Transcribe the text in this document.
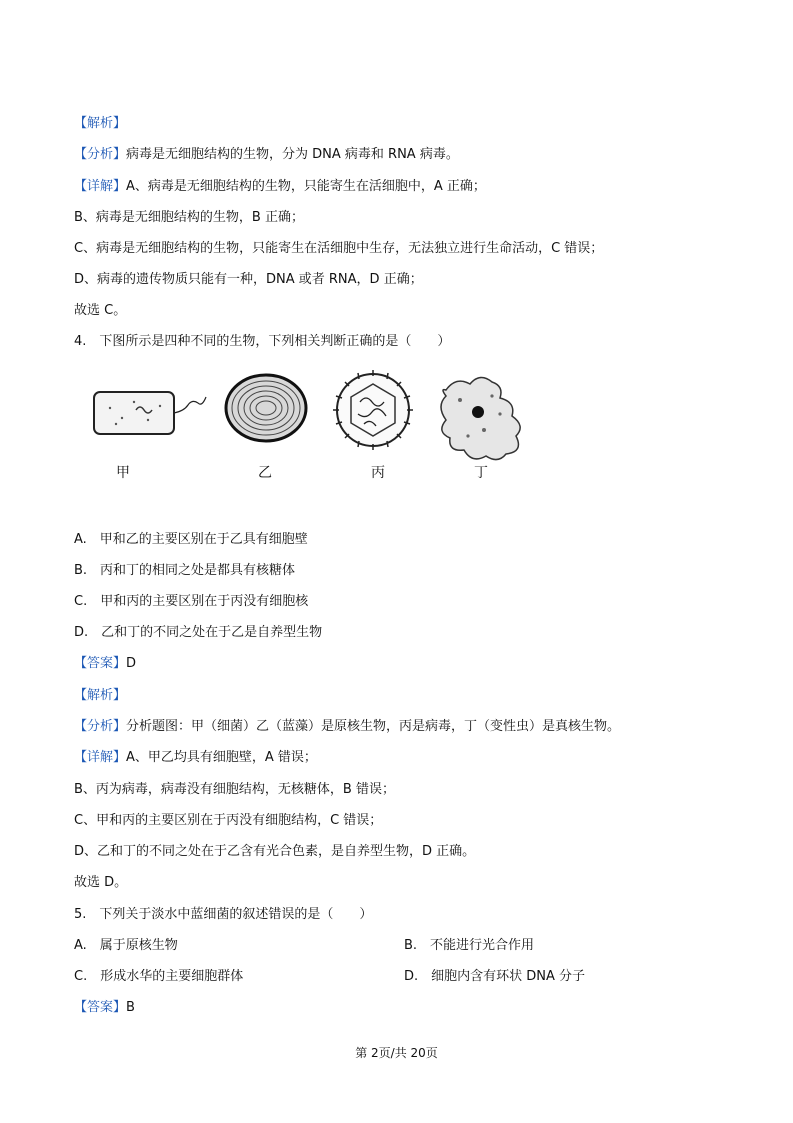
【解析】
【分析】病毒是无细胞结构的生物，分为 DNA 病毒和 RNA 病毒。
【详解】A、病毒是无细胞结构的生物，只能寄生在活细胞中，A 正确；
B、病毒是无细胞结构的生物，B 正确；
C、病毒是无细胞结构的生物，只能寄生在活细胞中生存，无法独立进行生命活动，C 错误；
D、病毒的遗传物质只能有一种，DNA 或者 RNA，D 正确；
故选 C。
4.　下图所示是四种不同的生物，下列相关判断正确的是（　　）
甲	乙	丙	丁
A.　甲和乙的主要区别在于乙具有细胞壁
B.　丙和丁的相同之处是都具有核糖体
C.　甲和丙的主要区别在于丙没有细胞核
D.　乙和丁的不同之处在于乙是自养型生物
【答案】D
【解析】
【分析】分析题图：甲（细菌）乙（蓝藻）是原核生物，丙是病毒，丁（变性虫）是真核生物。
【详解】A、甲乙均具有细胞壁，A 错误；
B、丙为病毒，病毒没有细胞结构，无核糖体，B 错误；
C、甲和丙的主要区别在于丙没有细胞结构，C 错误；
D、乙和丁的不同之处在于乙含有光合色素，是自养型生物，D 正确。
故选 D。
5.　下列关于淡水中蓝细菌的叙述错误的是（　　）
A.　属于原核生物	B.　不能进行光合作用
C.　形成水华的主要细胞群体	D.　细胞内含有环状 DNA 分子
【答案】B
第 2页/共 20页
